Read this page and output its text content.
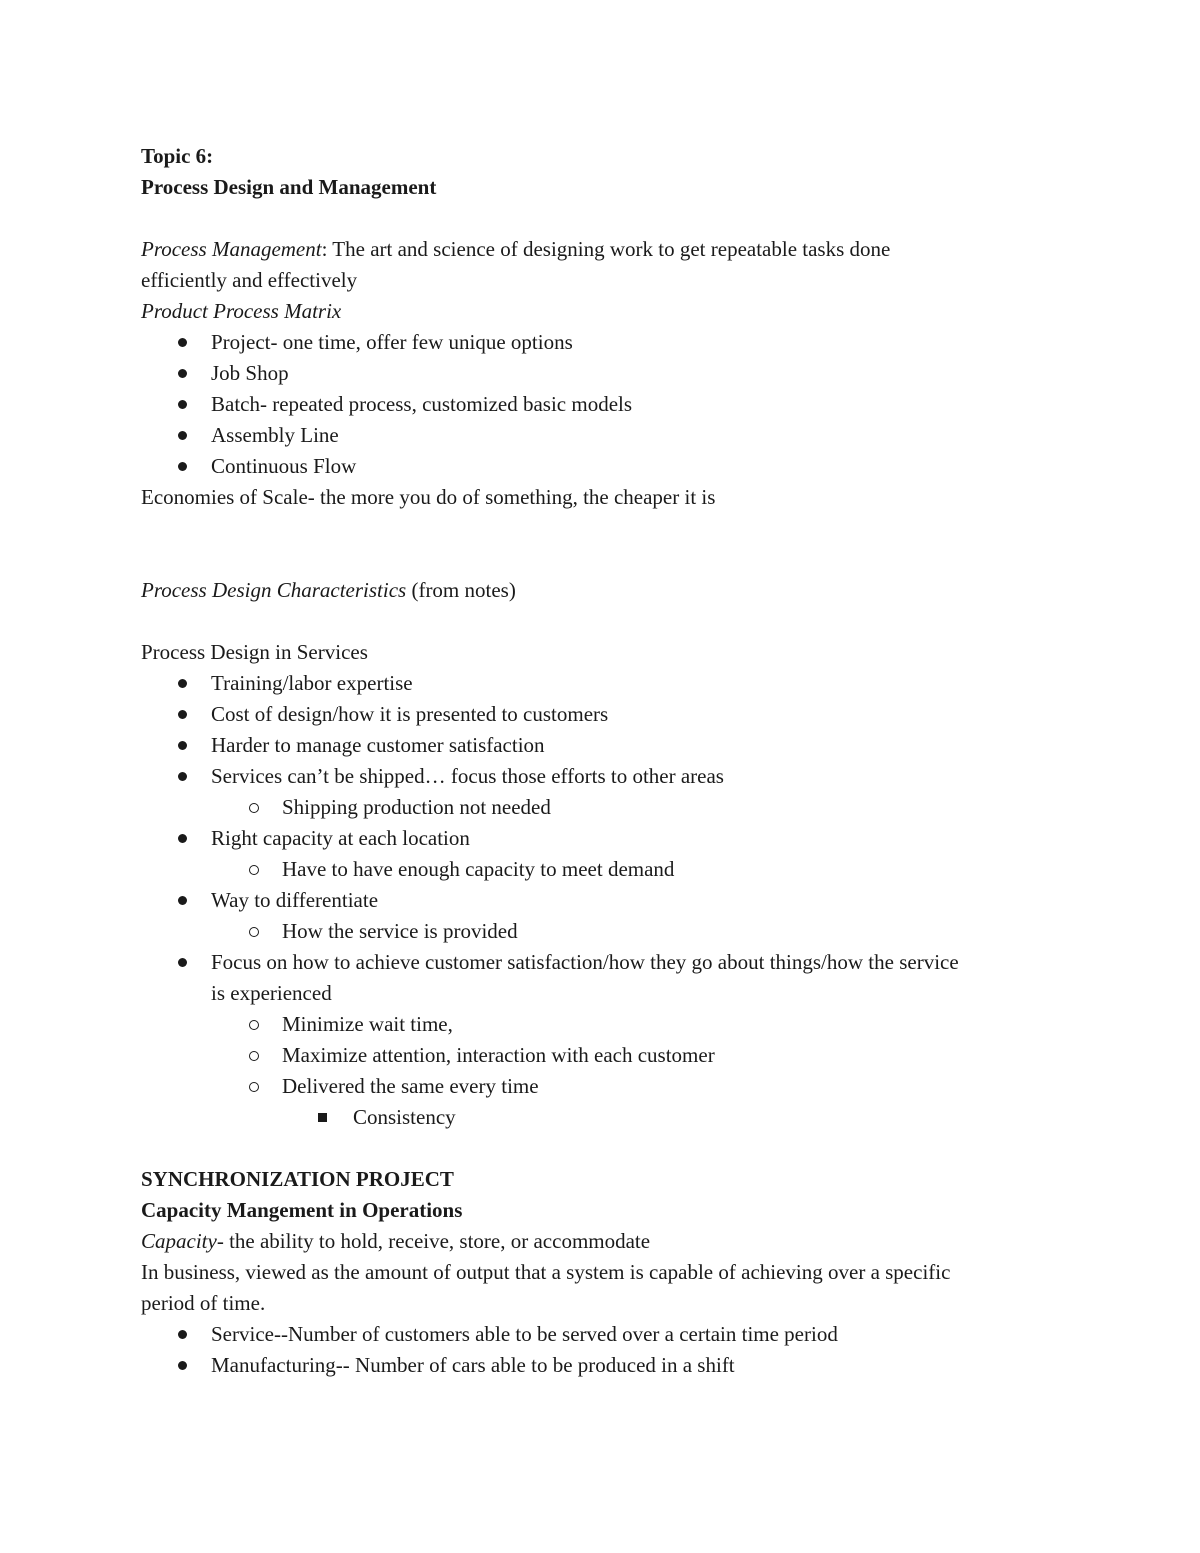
Topic 6:
Process Design and Management
Process Management: The art and science of designing work to get repeatable tasks done
efficiently and effectively
Product Process Matrix
Project- one time, offer few unique options
Job Shop
Batch- repeated process, customized basic models
Assembly Line
Continuous Flow
Economies of Scale- the more you do of something, the cheaper it is
Process Design Characteristics (from notes)
Process Design in Services
Training/labor expertise
Cost of design/how it is presented to customers
Harder to manage customer satisfaction
Services can’t be shipped… focus those efforts to other areas
Shipping production not needed
Right capacity at each location
Have to have enough capacity to meet demand
Way to differentiate
How the service is provided
Focus on how to achieve customer satisfaction/how they go about things/how the service
is experienced
Minimize wait time,
Maximize attention, interaction with each customer
Delivered the same every time
Consistency
SYNCHRONIZATION PROJECT
Capacity Mangement in Operations
Capacity- the ability to hold, receive, store, or accommodate
In business, viewed as the amount of output that a system is capable of achieving over a specific
period of time.
Service--Number of customers able to be served over a certain time period
Manufacturing-- Number of cars able to be produced in a shift
